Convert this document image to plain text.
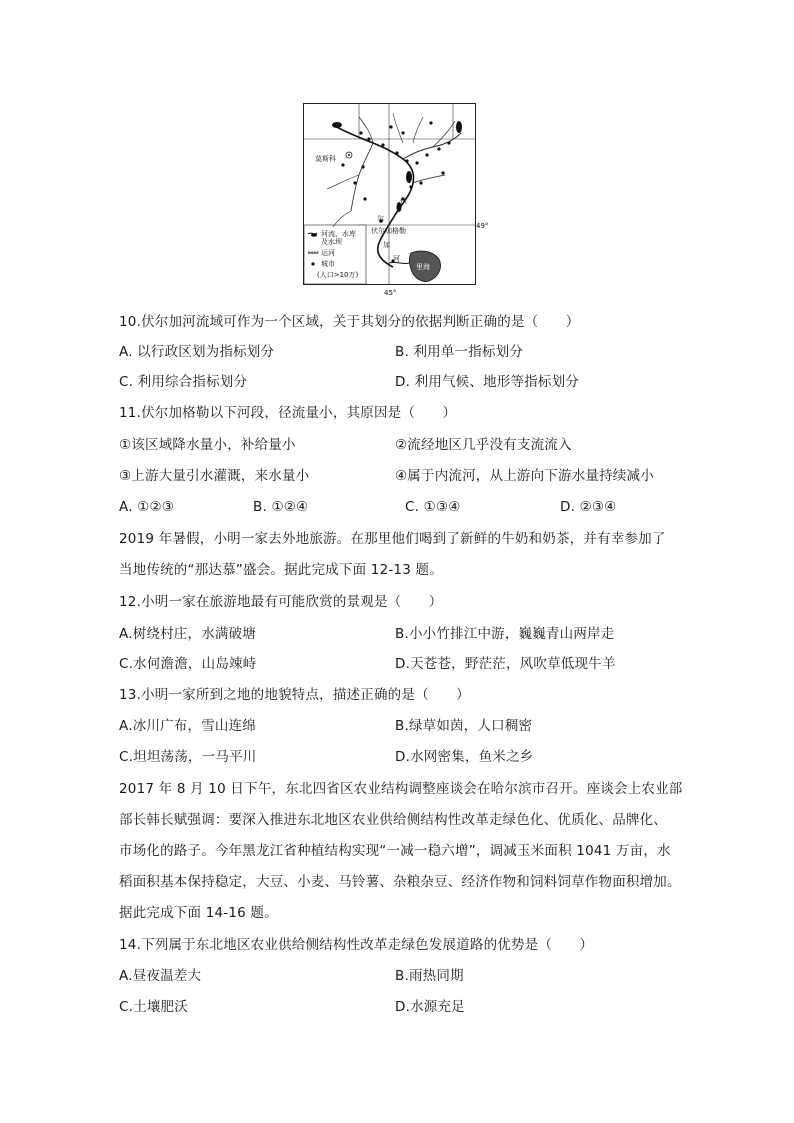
莫斯科
伏尔加格勒
伏
尔
加
河
里海
49°
45°
河流、水库
及水坝
运河
城市
(人口>10万)
10.伏尔加河流域可作为一个区域，关于其划分的依据判断正确的是（　　）
A. 以行政区划为指标划分	B. 利用单一指标划分
C. 利用综合指标划分	D. 利用气候、地形等指标划分
11.伏尔加格勒以下河段，径流量小，其原因是（　　）
①该区域降水量小，补给量小	②流经地区几乎没有支流流入
③上游大量引水灌溉，来水量小	④属于内流河，从上游向下游水量持续减小
A. ①②③	B. ①②④	C. ①③④	D. ②③④
2019 年暑假，小明一家去外地旅游。在那里他们喝到了新鲜的牛奶和奶茶，并有幸参加了
当地传统的“那达慕”盛会。据此完成下面 12-13 题。
12.小明一家在旅游地最有可能欣赏的景观是（　　）
A.树绕村庄，水满破塘	B.小小竹排江中游，巍巍青山两岸走
C.水何澹澹，山岛竦峙	D.天苍苍，野茫茫，风吹草低现牛羊
13.小明一家所到之地的地貌特点，描述正确的是（　　）
A.冰川广布，雪山连绵	B.绿草如茵，人口稠密
C.坦坦荡荡，一马平川	D.水网密集，鱼米之乡
2017 年 8 月 10 日下午，东北四省区农业结构调整座谈会在哈尔滨市召开。座谈会上农业部
部长韩长赋强调：要深入推进东北地区农业供给侧结构性改革走绿色化、优质化、品牌化、
市场化的路子。今年黑龙江省种植结构实现“一减一稳六增”，调减玉米面积 1041 万亩，水
稻面积基本保持稳定，大豆、小麦、马铃薯、杂粮杂豆、经济作物和饲料饲草作物面积增加。
据此完成下面 14-16 题。
14.下列属于东北地区农业供给侧结构性改革走绿色发展道路的优势是（　　）
A.昼夜温差大	B.雨热同期
C.土壤肥沃	D.水源充足
